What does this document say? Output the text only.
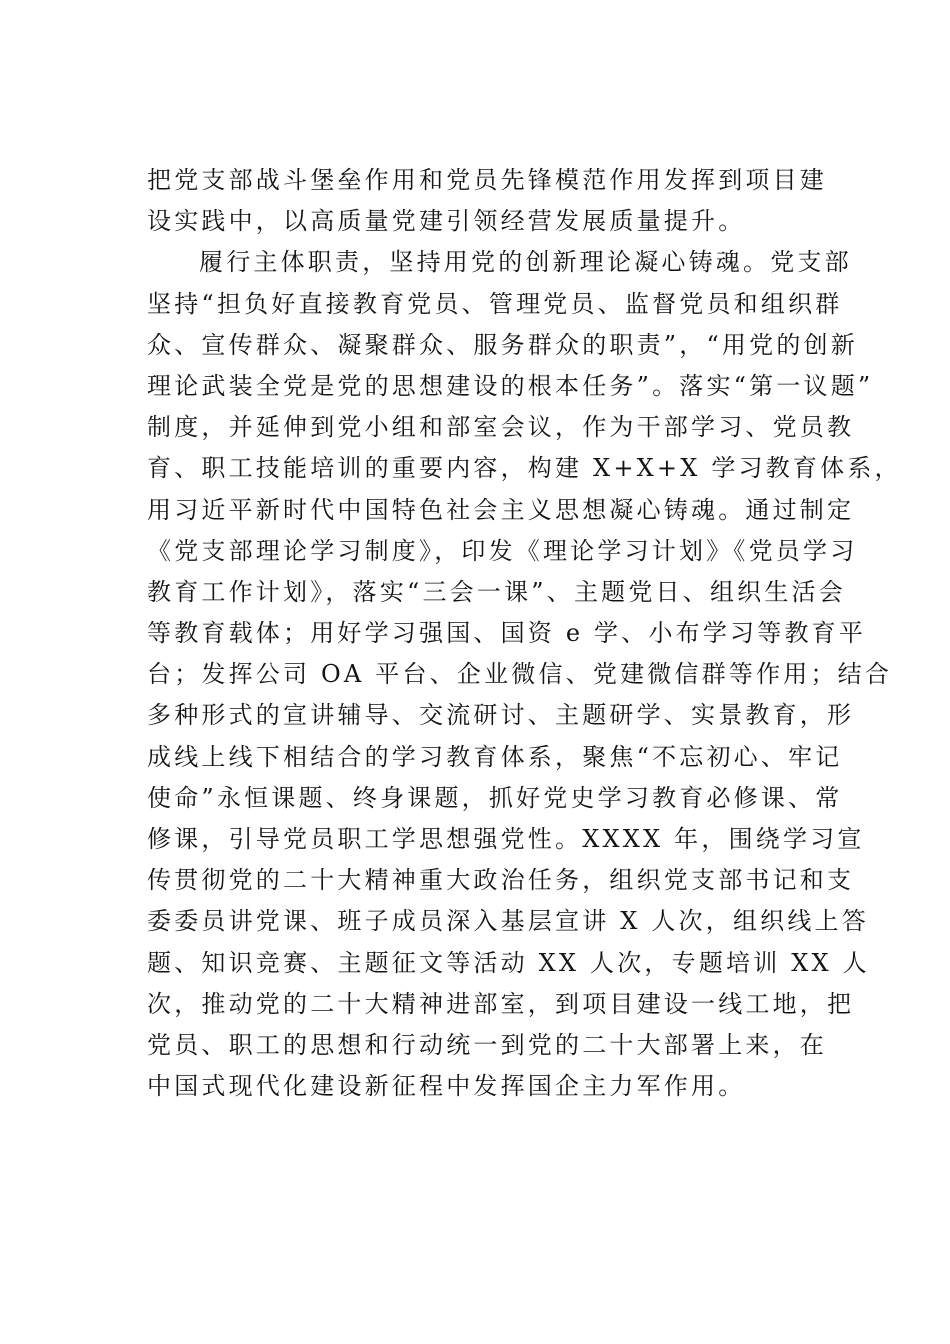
把党支部战斗堡垒作用和党员先锋模范作用发挥到项目建
设实践中，以高质量党建引领经营发展质量提升。
履行主体职责，坚持用党的创新理论凝心铸魂。党支部
坚持“担负好直接教育党员、管理党员、监督党员和组织群
众、宣传群众、凝聚群众、服务群众的职责”，“用党的创新
理论武装全党是党的思想建设的根本任务”。落实“第一议题”
制度，并延伸到党小组和部室会议，作为干部学习、党员教
育、职工技能培训的重要内容，构建 X+X+X 学习教育体系，
用习近平新时代中国特色社会主义思想凝心铸魂。通过制定
《党支部理论学习制度》，印发《理论学习计划》《党员学习
教育工作计划》，落实“三会一课”、主题党日、组织生活会
等教育载体；用好学习强国、国资 e 学、小布学习等教育平
台；发挥公司 OA 平台、企业微信、党建微信群等作用；结合
多种形式的宣讲辅导、交流研讨、主题研学、实景教育，形
成线上线下相结合的学习教育体系，聚焦“不忘初心、牢记
使命”永恒课题、终身课题，抓好党史学习教育必修课、常
修课，引导党员职工学思想强党性。XXXX 年，围绕学习宣
传贯彻党的二十大精神重大政治任务，组织党支部书记和支
委委员讲党课、班子成员深入基层宣讲 X 人次，组织线上答
题、知识竞赛、主题征文等活动 XX 人次，专题培训 XX 人
次，推动党的二十大精神进部室，到项目建设一线工地，把
党员、职工的思想和行动统一到党的二十大部署上来，在
中国式现代化建设新征程中发挥国企主力军作用。
